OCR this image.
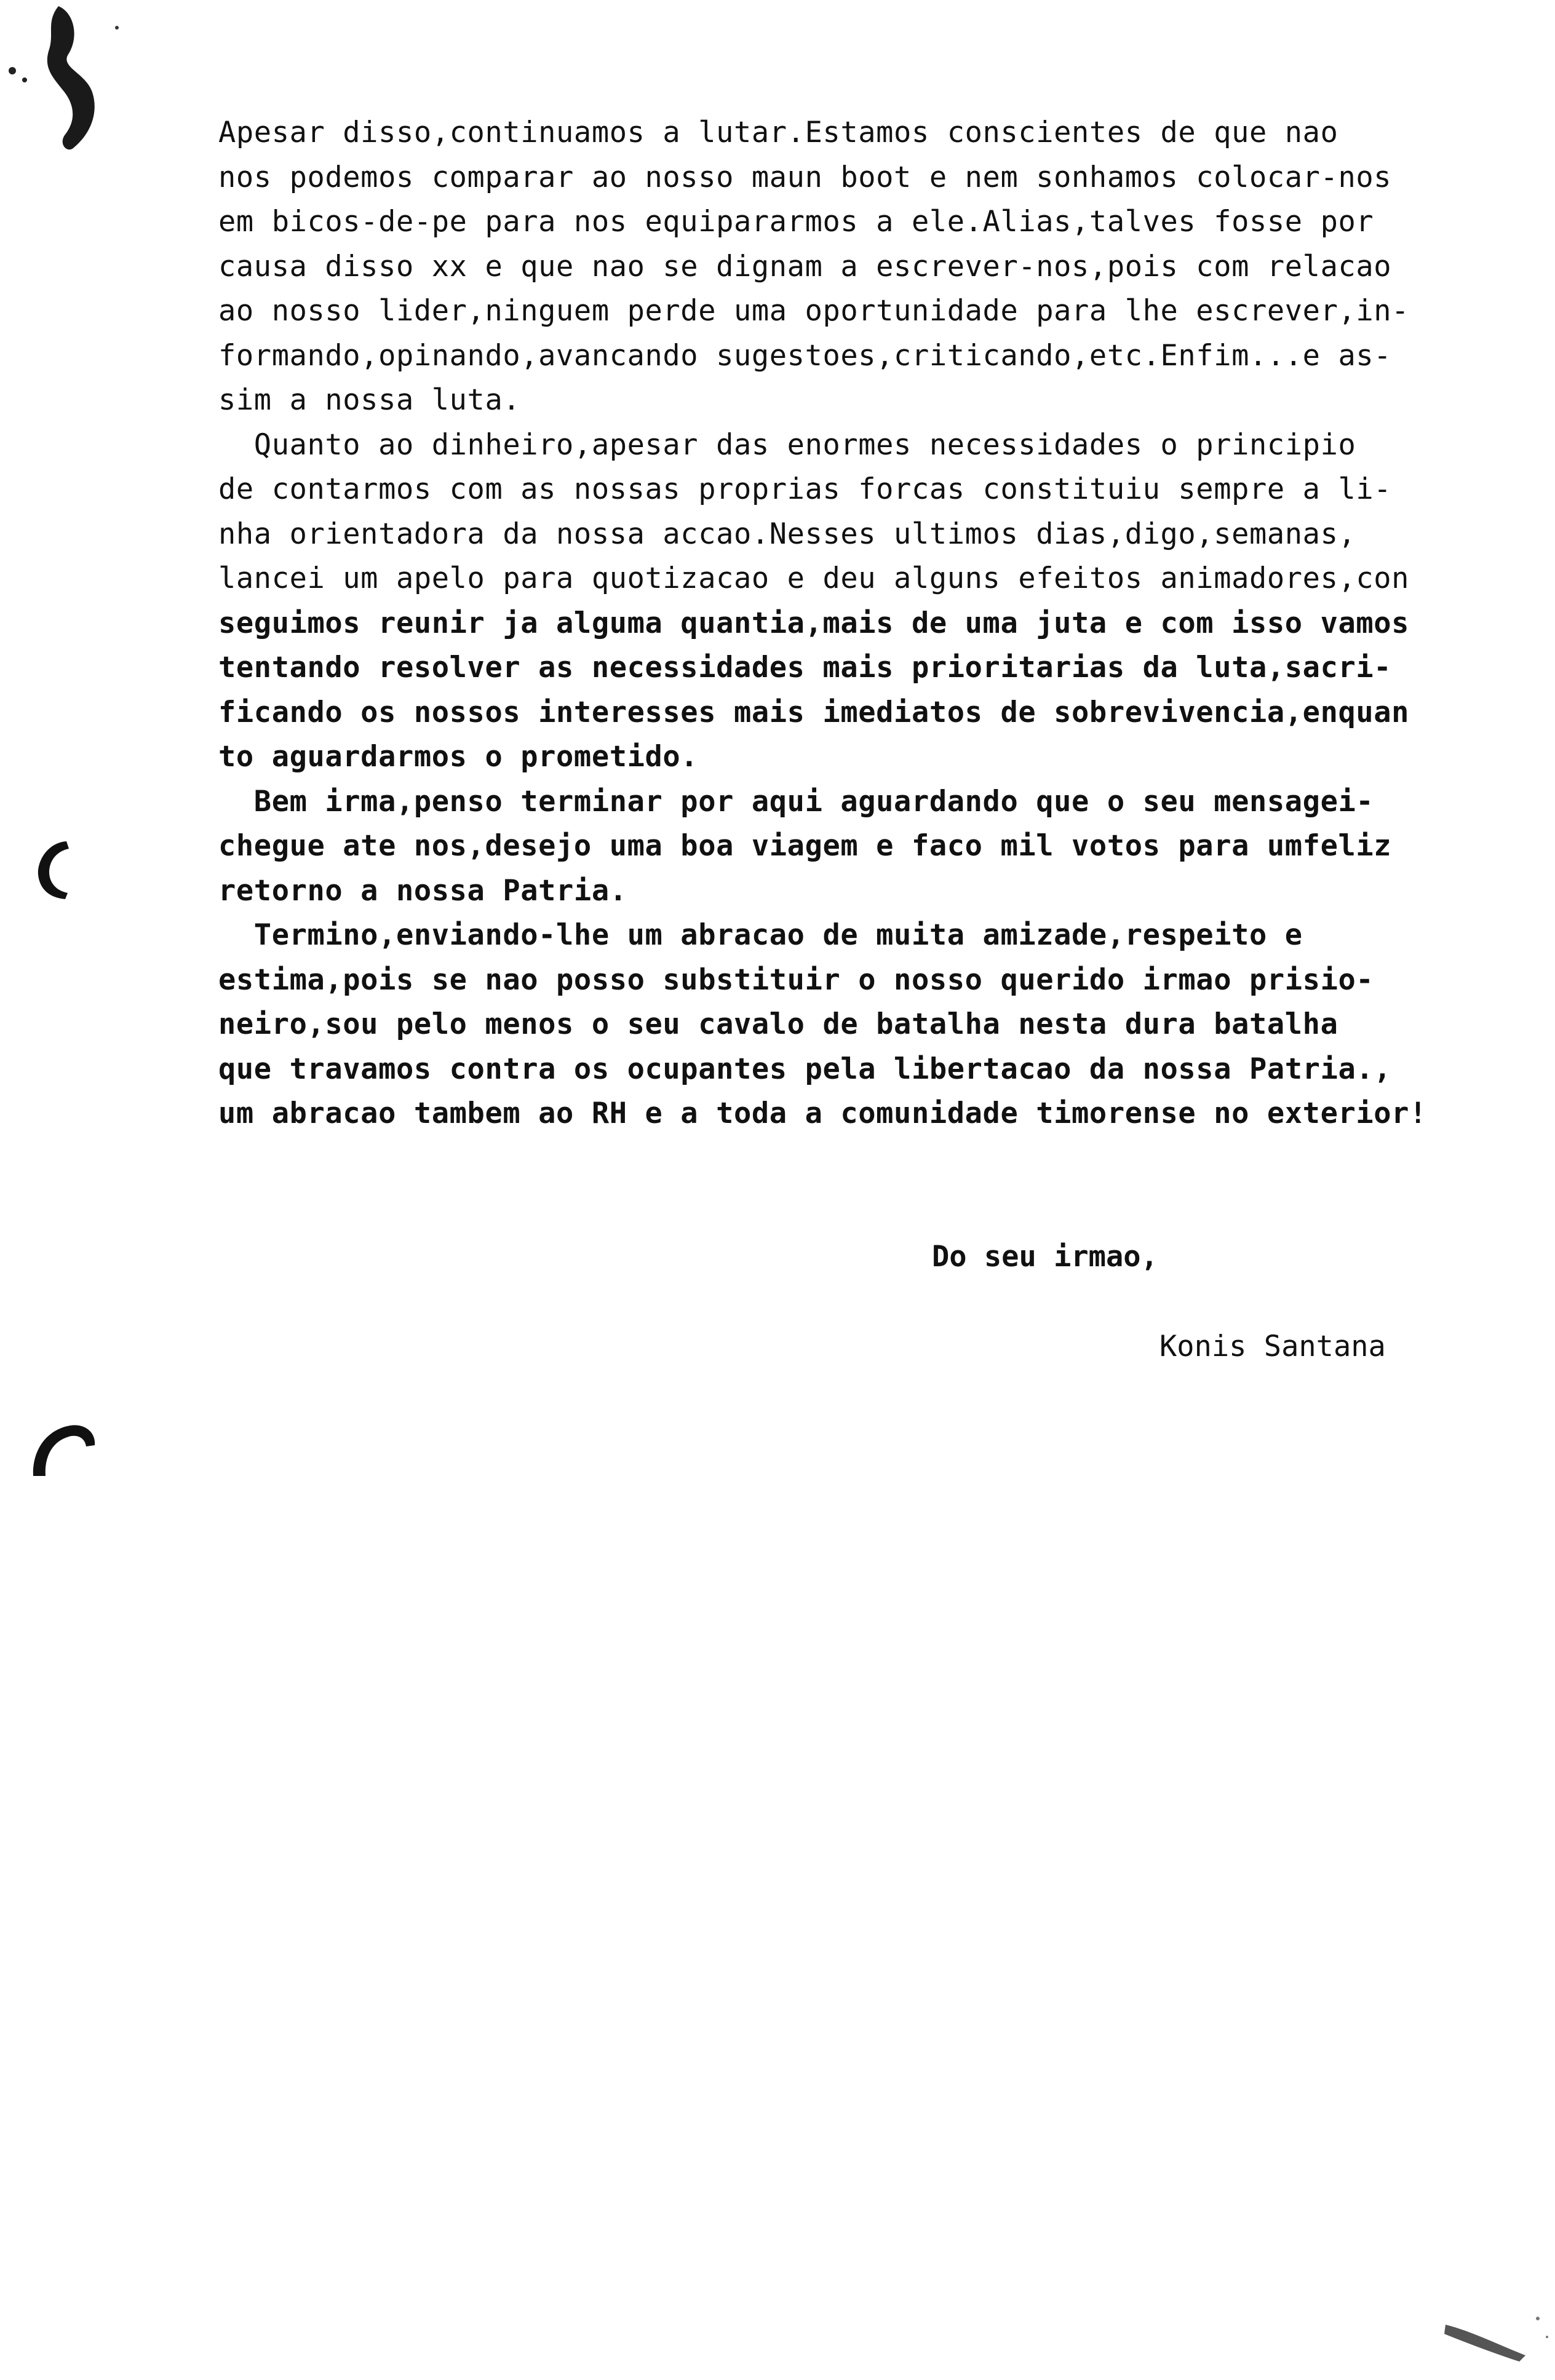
Apesar disso,continuamos a lutar.Estamos conscientes de que nao
nos podemos comparar ao nosso maun boot e nem sonhamos colocar-nos
em bicos-de-pe para nos equipararmos a ele.Alias,talves fosse por
causa disso xx e que nao se dignam a escrever-nos,pois com relacao
ao nosso lider,ninguem perde uma oportunidade para lhe escrever,in-
formando,opinando,avancando sugestoes,criticando,etc.Enfim...e as-
sim a nossa luta.
Quanto ao dinheiro,apesar das enormes necessidades o principio
de contarmos com as nossas proprias forcas constituiu sempre a li-
nha orientadora da nossa accao.Nesses ultimos dias,digo,semanas,
lancei um apelo para quotizacao e deu alguns efeitos animadores,con
seguimos reunir ja alguma quantia,mais de uma juta e com isso vamos
tentando resolver as necessidades mais prioritarias da luta,sacri-
ficando os nossos interesses mais imediatos de sobrevivencia,enquan
to aguardarmos o prometido.
Bem irma,penso terminar por aqui aguardando que o seu mensagei-
chegue ate nos,desejo uma boa viagem e faco mil votos para umfeliz
retorno a nossa Patria.
Termino,enviando-lhe um abracao de muita amizade,respeito e
estima,pois se nao posso substituir o nosso querido irmao prisio-
neiro,sou pelo menos o seu cavalo de batalha nesta dura batalha
que travamos contra os ocupantes pela libertacao da nossa Patria.,
um abracao tambem ao RH e a toda a comunidade timorense no exterior!
Do seu irmao,
Konis Santana
